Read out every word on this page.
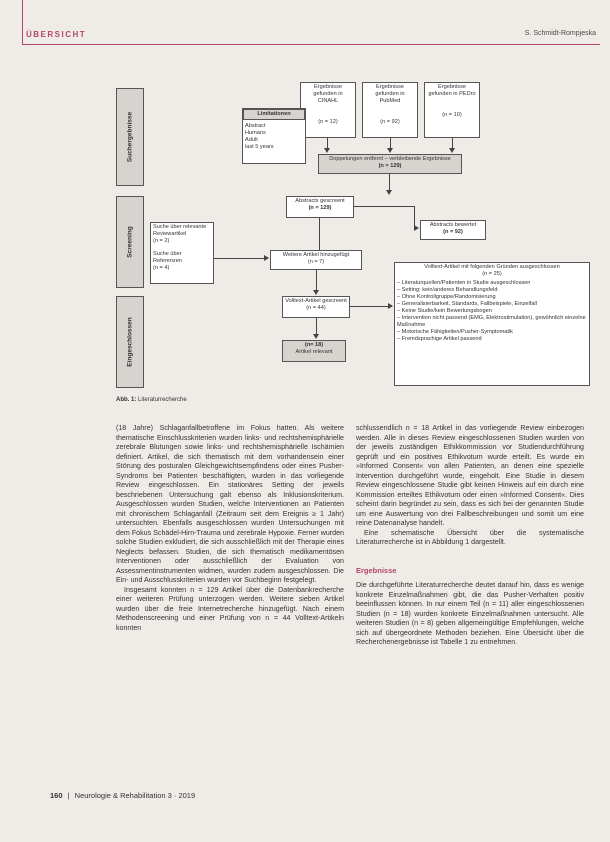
ÜBERSICHT	S. Schmidt-Rompjeska
Suchergebnisse
Screening
Eingeschlossen
Ergebnisse gefunden in CINAHL
(n = 12)
Ergebnisse gefunden in PubMed
(n = 92)
Ergebnisse gefunden in PEDro
(n = 10)
Limitationen
Abstract
Humans
Adult
last 5 years
Doppelungen entfernt – verbleibende Ergebnisse
(n = 129)
Abstracts gescreent
(n = 129)
Abstracts bewertet
(n = 92)
Suche über relevante
Reviewartikel
(n = 2)
Suche über Referenzen
(n = 4)
Weitere Artikel hinzugefügt
(n = 7)
Volltext-Artikel gescreent
(n = 44)
Volltext-Artikel mit folgenden Gründen ausgeschlossen
(n = 25)
– Literaturquellen/Patienten in Studie ausgeschlossen
– Setting: kein/anderes Behandlungsfeld
– Ohne Kontrollgruppe/Randomisierung
– Generalisierbarkeit, Standards, Fallbeispiele, Einzelfall
– Keine Studie/kein Bewertungsbogen
– Intervention nicht passend (EMG, Elektrostimulation), gewöhnlich einzelne Maßnahme
– Motorische Fähigkeiten/Pusher-Symptomatik
– Fremdsprachige Artikel passend
(n= 18)
Artikel relevant
Abb. 1: Literaturrecherche

(18 Jahre) Schlaganfallbetroffene im Fokus hatten. Als weitere thematische Einschlusskriterien wurden links- und rechtshemisphärielle zerebrale Blutungen sowie links- und rechtshemisphärielle Ischämien definiert. Artikel, die sich thematisch mit dem vorhandensein einer Störung des posturalen Gleichgewichtsempfindens oder eines Pusher-Syndroms bei Patienten beschäftigten, wurden in das vorliegende Review eingeschlossen. Ein stationäres Setting der jeweils beschriebenen Untersuchung galt ebenso als Inklusionskriterium. Ausgeschlossen wurden Studien, welche Interventionen an Patienten mit chronischem Schlaganfall (Zeitraum seit dem Ereignis ≥ 1 Jahr) untersuchten. Ebenfalls ausgeschlossen wurden Untersuchungen mit dem Fokus Schädel-Hirn-Trauma und zerebrale Hypoxie. Ferner wurden solche Studien exkludiert, die sich ausschließlich mit der Therapie eines Neglects befassen. Studien, die sich thematisch medikamentösen Interventionen oder ausschließlich der Evaluation von Assessmentinstrumenten widmen, wurden zudem ausgeschlossen. Die Ein- und Ausschlusskriterien wurden vor Suchbeginn festgelegt.

Insgesamt konnten n = 129 Artikel über die Datenbankrecherche einer weiteren Prüfung unterzogen werden. Weitere sieben Artikel wurden über die freie Internetrecherche hinzugefügt. Nach einem Methodenscreening und einer Prüfung von n = 44 Volltext-Artikeln konnten

schlussendlich n = 18 Artikel in das vorliegende Review einbezogen werden. Alle in dieses Review eingeschlossenen Studien wurden von der jeweils zuständigen Ethikkommission vor Studiendurchführung geprüft und ein positives Ethikvotum wurde erteilt. Es wurde ein »Informed Consent« von allen Patienten, an denen eine spezielle Intervention durchgeführt wurde, eingeholt. Eine Studie in diesem Review eingeschlossene Studie gibt keinen Hinweis auf ein durch eine Kommission erteiltes Ethikvotum oder einen »Informed Consent«. Dies scheint darin begründet zu sein, dass es sich bei der genannten Studie um eine Auswertung von drei Fallbeschreibungen und somit um eine reine Datenanalyse handelt.

Eine schematische Übersicht über die systematische Literaturrecherche ist in Abbildung 1 dargestellt.

Ergebnisse

Die durchgeführte Literaturrecherche deutet darauf hin, dass es wenige konkrete Einzelmaßnahmen gibt, die das Pusher-Verhalten positiv beeinflussen können. In nur einem Teil (n = 11) aller eingeschlossenen Studien (n = 18) wurden konkrete Einzelmaßnahmen untersucht. Alle weiteren Studien (n = 8) geben allgemeingültige Empfehlungen, welche sich auf übergeordnete Methoden beziehen. Eine Übersicht über die Recherchenergebnisse ist Tabelle 1 zu entnehmen.

160 | Neurologie & Rehabilitation 3 · 2019
